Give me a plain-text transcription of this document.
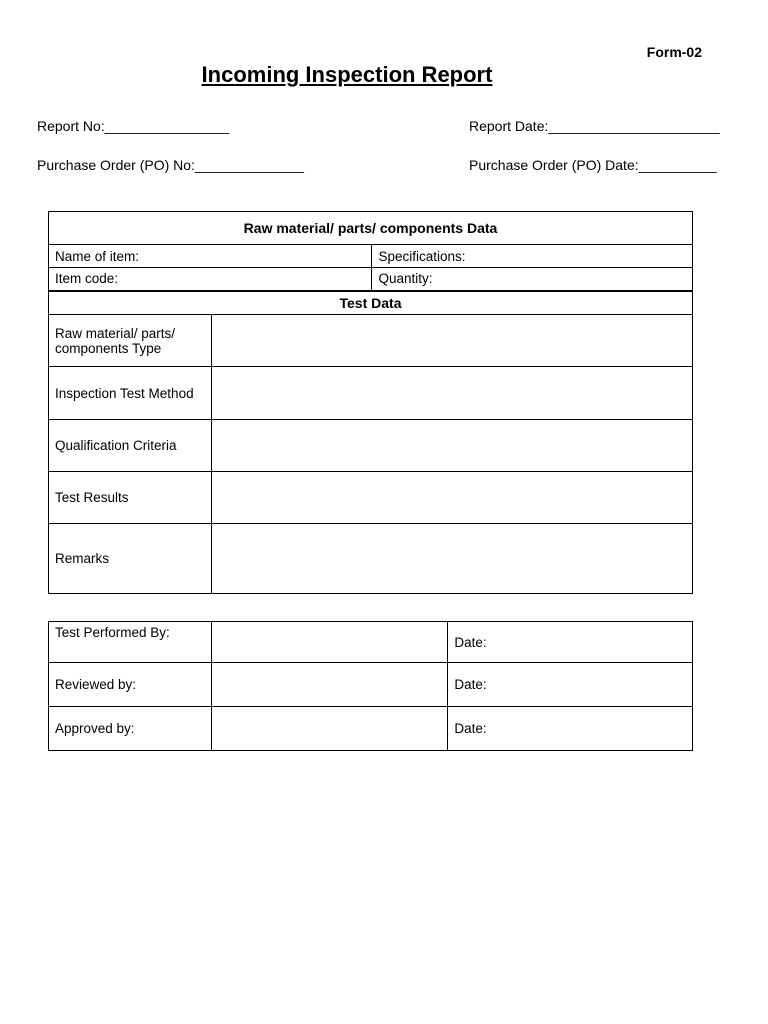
Form-02
Incoming Inspection Report
Report No:________________	Report Date:______________________
Purchase Order (PO) No:______________	Purchase Order (PO) Date:__________
Raw material/ parts/ components Data		
Name of item:		Specifications:
Item code:		Quantity:
Test Data		
Raw material/ parts/ components Type		
Inspection Test Method		
Qualification Criteria		
Test Results		
Remarks		
Test Performed By:		Date:
Reviewed by:		Date:
Approved by:		Date:
